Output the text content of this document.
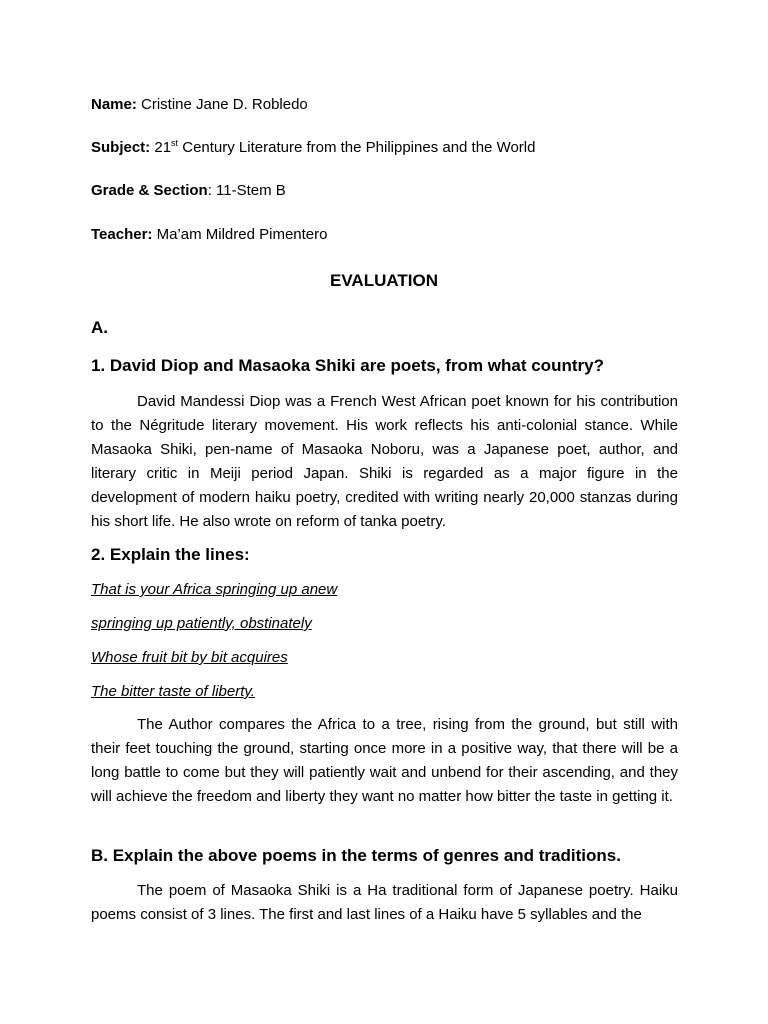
Name: Cristine Jane D. Robledo
Subject: 21st Century Literature from the Philippines and the World
Grade & Section: 11-Stem B
Teacher: Ma’am Mildred Pimentero
EVALUATION
A.
1. David Diop and Masaoka Shiki are poets, from what country?
David Mandessi Diop was a French West African poet known for his contribution to the Négritude literary movement. His work reflects his anti-colonial stance. While Masaoka Shiki, pen-name of Masaoka Noboru, was a Japanese poet, author, and literary critic in Meiji period Japan. Shiki is regarded as a major figure in the development of modern haiku poetry, credited with writing nearly 20,000 stanzas during his short life. He also wrote on reform of tanka poetry.
2. Explain the lines:
That is your Africa springing up anew
springing up patiently, obstinately
Whose fruit bit by bit acquires
The bitter taste of liberty.
The Author compares the Africa to a tree, rising from the ground, but still with their feet touching the ground, starting once more in a positive way, that there will be a long battle to come but they will patiently wait and unbend for their ascending, and they will achieve the freedom and liberty they want no matter how bitter the taste in getting it.
B. Explain the above poems in the terms of genres and traditions.
The poem of Masaoka Shiki is a Ha traditional form of Japanese poetry. Haiku poems consist of 3 lines. The first and last lines of a Haiku have 5 syllables and the
